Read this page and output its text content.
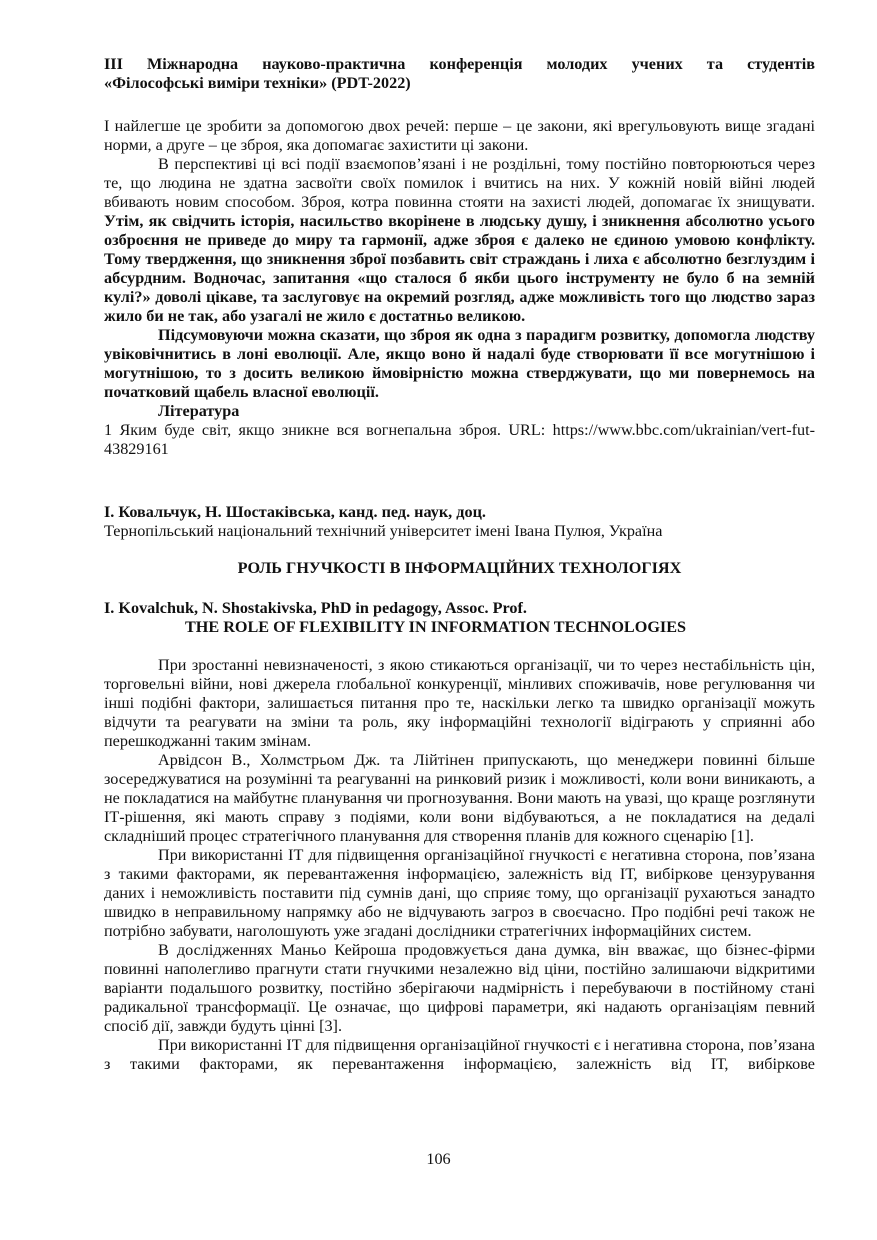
III Міжнародна науково-практична конференція молодих учених та студентів

«Філософські виміри техніки» (PDT-2022)

І найлегше це зробити за допомогою двох речей: перше – це закони, які врегульовують вище згадані норми, а друге – це зброя, яка допомагає захистити ці закони.

В перспективі ці всі події взаємопов’язані і не роздільні, тому постійно повторюються через те, що людина не здатна засвоїти своїх помилок і вчитись на них. У кожній новій війні людей вбивають новим способом. Зброя, котра повинна стояти на захисті людей, допомагає їх знищувати. Утім, як свідчить історія, насильство вкорінене в людську душу, і зникнення абсолютно усього озброєння не приведе до миру та гармонії, адже зброя є далеко не єдиною умовою конфлікту. Тому твердження, що зникнення зброї позбавить світ страждань і лиха є абсолютно безглуздим і абсурдним. Водночас, запитання «що сталося б якби цього інструменту не було б на земній кулі?» доволі цікаве, та заслуговує на окремий розгляд, адже можливість того що людство зараз жило би не так, або узагалі не жило є достатньо великою.

Підсумовуючи можна сказати, що зброя як одна з парадигм розвитку, допомогла людству увіковічнитись в лоні еволюції. Але, якщо воно й надалі буде створювати її все могутнішою і могутнішою, то з досить великою ймовірністю можна стверджувати, що ми повернемось на початковий щабель власної еволюції.

Література

1 Яким буде світ, якщо зникне вся вогнепальна зброя. URL: https://www.bbc.com/ukrainian/vert-fut-43829161

І. Ковальчук, Н. Шостаківська, канд. пед. наук, доц.

Тернопільський національний технічний університет імені Івана Пулюя, Україна

РОЛЬ ГНУЧКОСТІ В ІНФОРМАЦІЙНИХ ТЕХНОЛОГІЯХ

I. Kovalchuk, N. Shostakivska, PhD in pedagogy, Assoc. Prof.

THE ROLE OF FLEXIBILITY IN INFORMATION TECHNOLOGIES

При зростанні невизначеності, з якою стикаються організації, чи то через нестабільність цін, торговельні війни, нові джерела глобальної конкуренції, мінливих споживачів, нове регулювання чи інші подібні фактори, залишається питання про те, наскільки легко та швидко організації можуть відчути та реагувати на зміни та роль, яку інформаційні технології відіграють у сприянні або перешкоджанні таким змінам.

Арвідсон В., Холмстрьом Дж. та Лійтінен припускають, що менеджери повинні більше зосереджуватися на розумінні та реагуванні на ринковий ризик і можливості, коли вони виникають, а не покладатися на майбутнє планування чи прогнозування. Вони мають на увазі, що краще розглянути ІТ-рішення, які мають справу з подіями, коли вони відбуваються, а не покладатися на дедалі складніший процес стратегічного планування для створення планів для кожного сценарію [1].

При використанні ІТ для підвищення організаційної гнучкості є негативна сторона, пов’язана з такими факторами, як перевантаження інформацією, залежність від ІТ, вибіркове цензурування даних і неможливість поставити під сумнів дані, що сприяє тому, що організації рухаються занадто швидко в неправильному напрямку або не відчувають загроз в своєчасно. Про подібні речі також не потрібно забувати, наголошують уже згадані дослідники стратегічних інформаційних систем.

В дослідженнях Маньо Кейроша продовжується дана думка, він вважає, що бізнес-фірми повинні наполегливо прагнути стати гнучкими незалежно від ціни, постійно залишаючи відкритими варіанти подальшого розвитку, постійно зберігаючи надмірність і перебуваючи в постійному стані радикальної трансформації. Це означає, що цифрові параметри, які надають організаціям певний спосіб дії, завжди будуть цінні [3].

При використанні ІТ для підвищення організаційної гнучкості є і негативна сторона, пов’язана з такими факторами, як перевантаження інформацією, залежність від ІТ, вибіркове

106
